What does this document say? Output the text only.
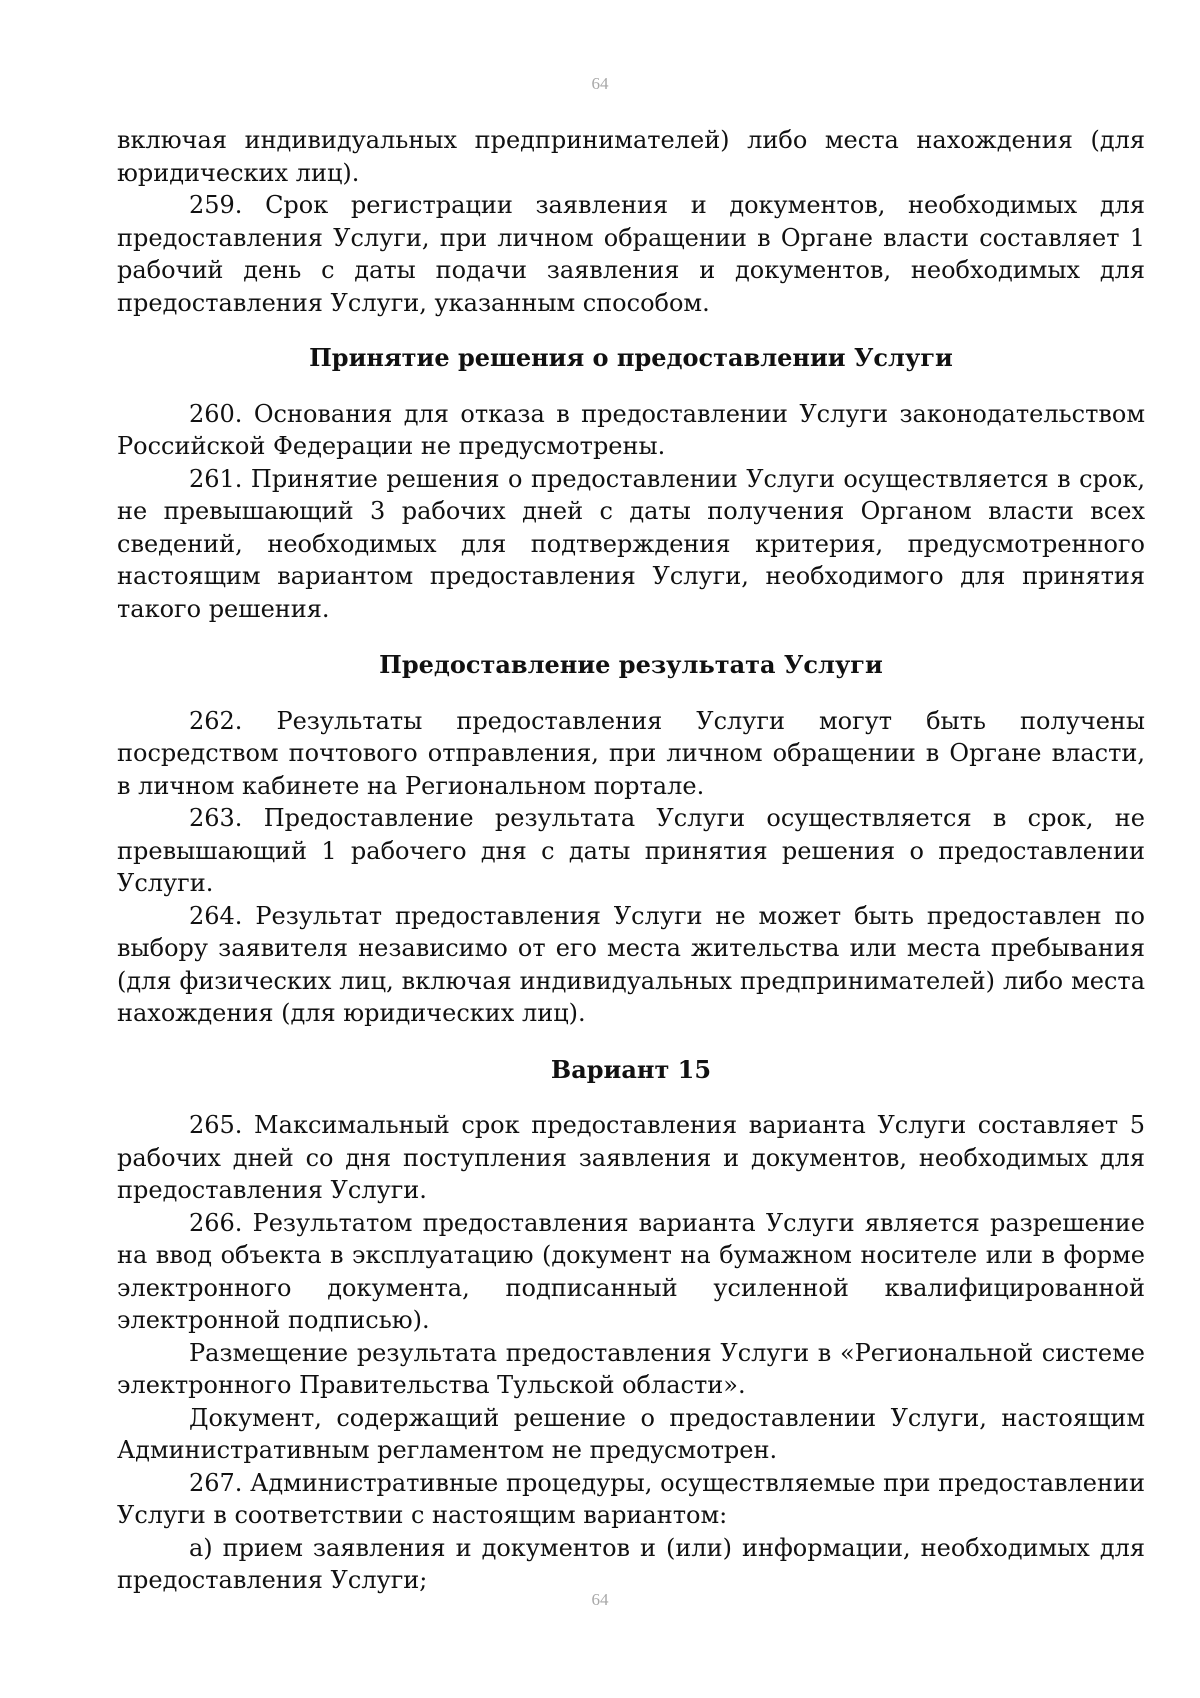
64

включая индивидуальных предпринимателей) либо места нахождения (для юридических лиц).

259. Срок регистрации заявления и документов, необходимых для предоставления Услуги, при личном обращении в Органе власти составляет 1 рабочий день с даты подачи заявления и документов, необходимых для предоставления Услуги, указанным способом.

Принятие решения о предоставлении Услуги

260. Основания для отказа в предоставлении Услуги законодательством Российской Федерации не предусмотрены.

261. Принятие решения о предоставлении Услуги осуществляется в срок, не превышающий 3 рабочих дней с даты получения Органом власти всех сведений, необходимых для подтверждения критерия, предусмотренного настоящим вариантом предоставления Услуги, необходимого для принятия такого решения.

Предоставление результата Услуги

262. Результаты предоставления Услуги могут быть получены посредством почтового отправления, при личном обращении в Органе власти, в личном кабинете на Региональном портале.

263. Предоставление результата Услуги осуществляется в срок, не превышающий 1 рабочего дня с даты принятия решения о предоставлении Услуги.

264. Результат предоставления Услуги не может быть предоставлен по выбору заявителя независимо от его места жительства или места пребывания (для физических лиц, включая индивидуальных предпринимателей) либо места нахождения (для юридических лиц).

Вариант 15

265. Максимальный срок предоставления варианта Услуги составляет 5 рабочих дней со дня поступления заявления и документов, необходимых для предоставления Услуги.

266. Результатом предоставления варианта Услуги является разрешение на ввод объекта в эксплуатацию (документ на бумажном носителе или в форме электронного документа, подписанный усиленной квалифицированной электронной подписью).

Размещение результата предоставления Услуги в «Региональной системе электронного Правительства Тульской области».

Документ, содержащий решение о предоставлении Услуги, настоящим Административным регламентом не предусмотрен.

267. Административные процедуры, осуществляемые при предоставлении Услуги в соответствии с настоящим вариантом:

а) прием заявления и документов и (или) информации, необходимых для предоставления Услуги;

64
